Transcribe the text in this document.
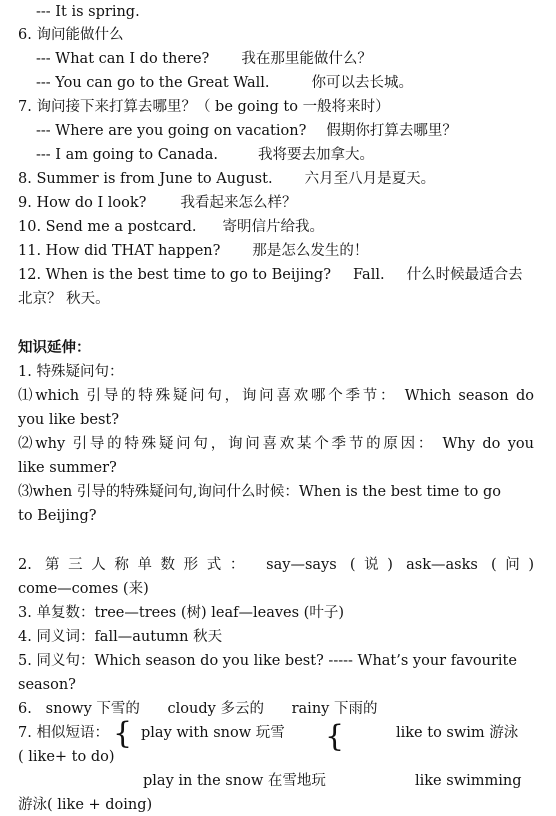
--- It is spring.
6. 询问能做什么
--- What can I do there? 我在那里能做什么？
--- You can go to the Great Wall.	你可以去长城。
7. 询问接下来打算去哪里？（ be going to 一般将来时）
--- Where are you going on vacation? 假期你打算去哪里？
--- I am going to Canada.	我将要去加拿大。
8. Summer is from June to August. 六月至八月是夏天。
9. How do I look? 我看起来怎么样？
10. Send me a postcard. 寄明信片给我。
11. How did THAT happen? 那是怎么发生的！
12. When is the best time to go to Beijing? Fall. 什么时候最适合去
北京？ 秋天。
知识延伸：
1. 特殊疑问句：
⑴which 引导的特殊疑问句，询问喜欢哪个季节： Which season do
you like best?
⑵why 引导的特殊疑问句，询问喜欢某个季节的原因： Why do you
like summer?
⑶when 引导的特殊疑问句,询问什么时候：When is the best time to go
to Beijing?
2. 第三人称单数形式： say—says (说) ask—asks (问)
come—comes (来)
3. 单复数：tree—trees (树) leaf—leaves (叶子)
4. 同义词：fall—autumn 秋天
5. 同义句：Which season do you like best? ----- What’s your favourite
season?
6.   snowy 下雪的      cloudy 多云的      rainy 下雨的
7. 相似短语： { play with snow 玩雪 {	like to swim 游泳
( like+ to do)
play in the snow 在雪地玩	like swimming
游泳( like + doing)
